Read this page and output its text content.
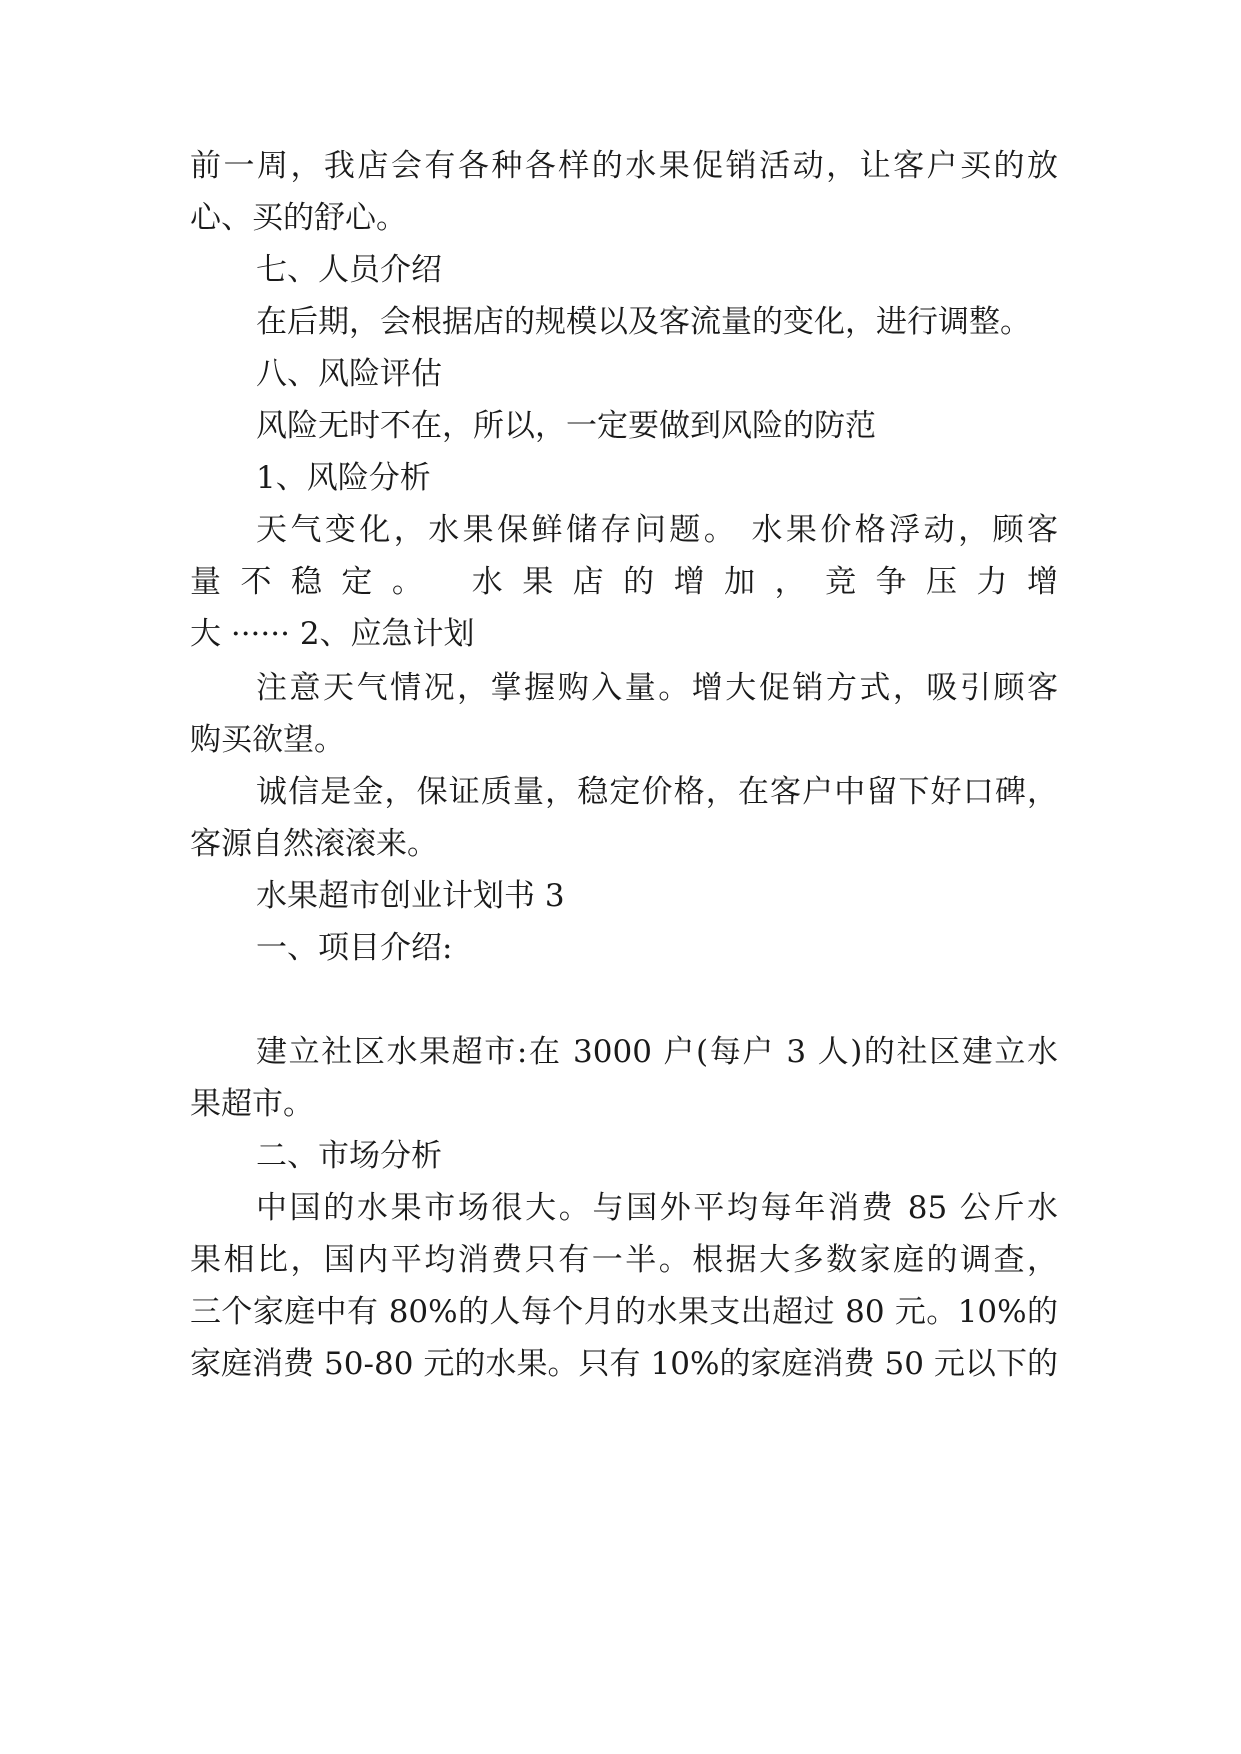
前一周，我店会有各种各样的水果促销活动，让客户买的放
心、买的舒心。
七、人员介绍
在后期，会根据店的规模以及客流量的变化，进行调整。
八、风险评估
风险无时不在，所以，一定要做到风险的防范
1、风险分析
天气变化，水果保鲜储存问题。 水果价格浮动，顾客
量不稳定。 水果店的增加，竞争压力增
大 ······ 2、应急计划
注意天气情况，掌握购入量。增大促销方式，吸引顾客
购买欲望。
诚信是金，保证质量，稳定价格，在客户中留下好口碑，
客源自然滚滚来。
水果超市创业计划书 3
一、项目介绍:
建立社区水果超市:在 3000 户(每户 3 人)的社区建立水
果超市。
二、市场分析
中国的水果市场很大。与国外平均每年消费 85 公斤水
果相比，国内平均消费只有一半。根据大多数家庭的调查，
三个家庭中有 80%的人每个月的水果支出超过 80 元。10%的
家庭消费 50-80 元的水果。只有 10%的家庭消费 50 元以下的
